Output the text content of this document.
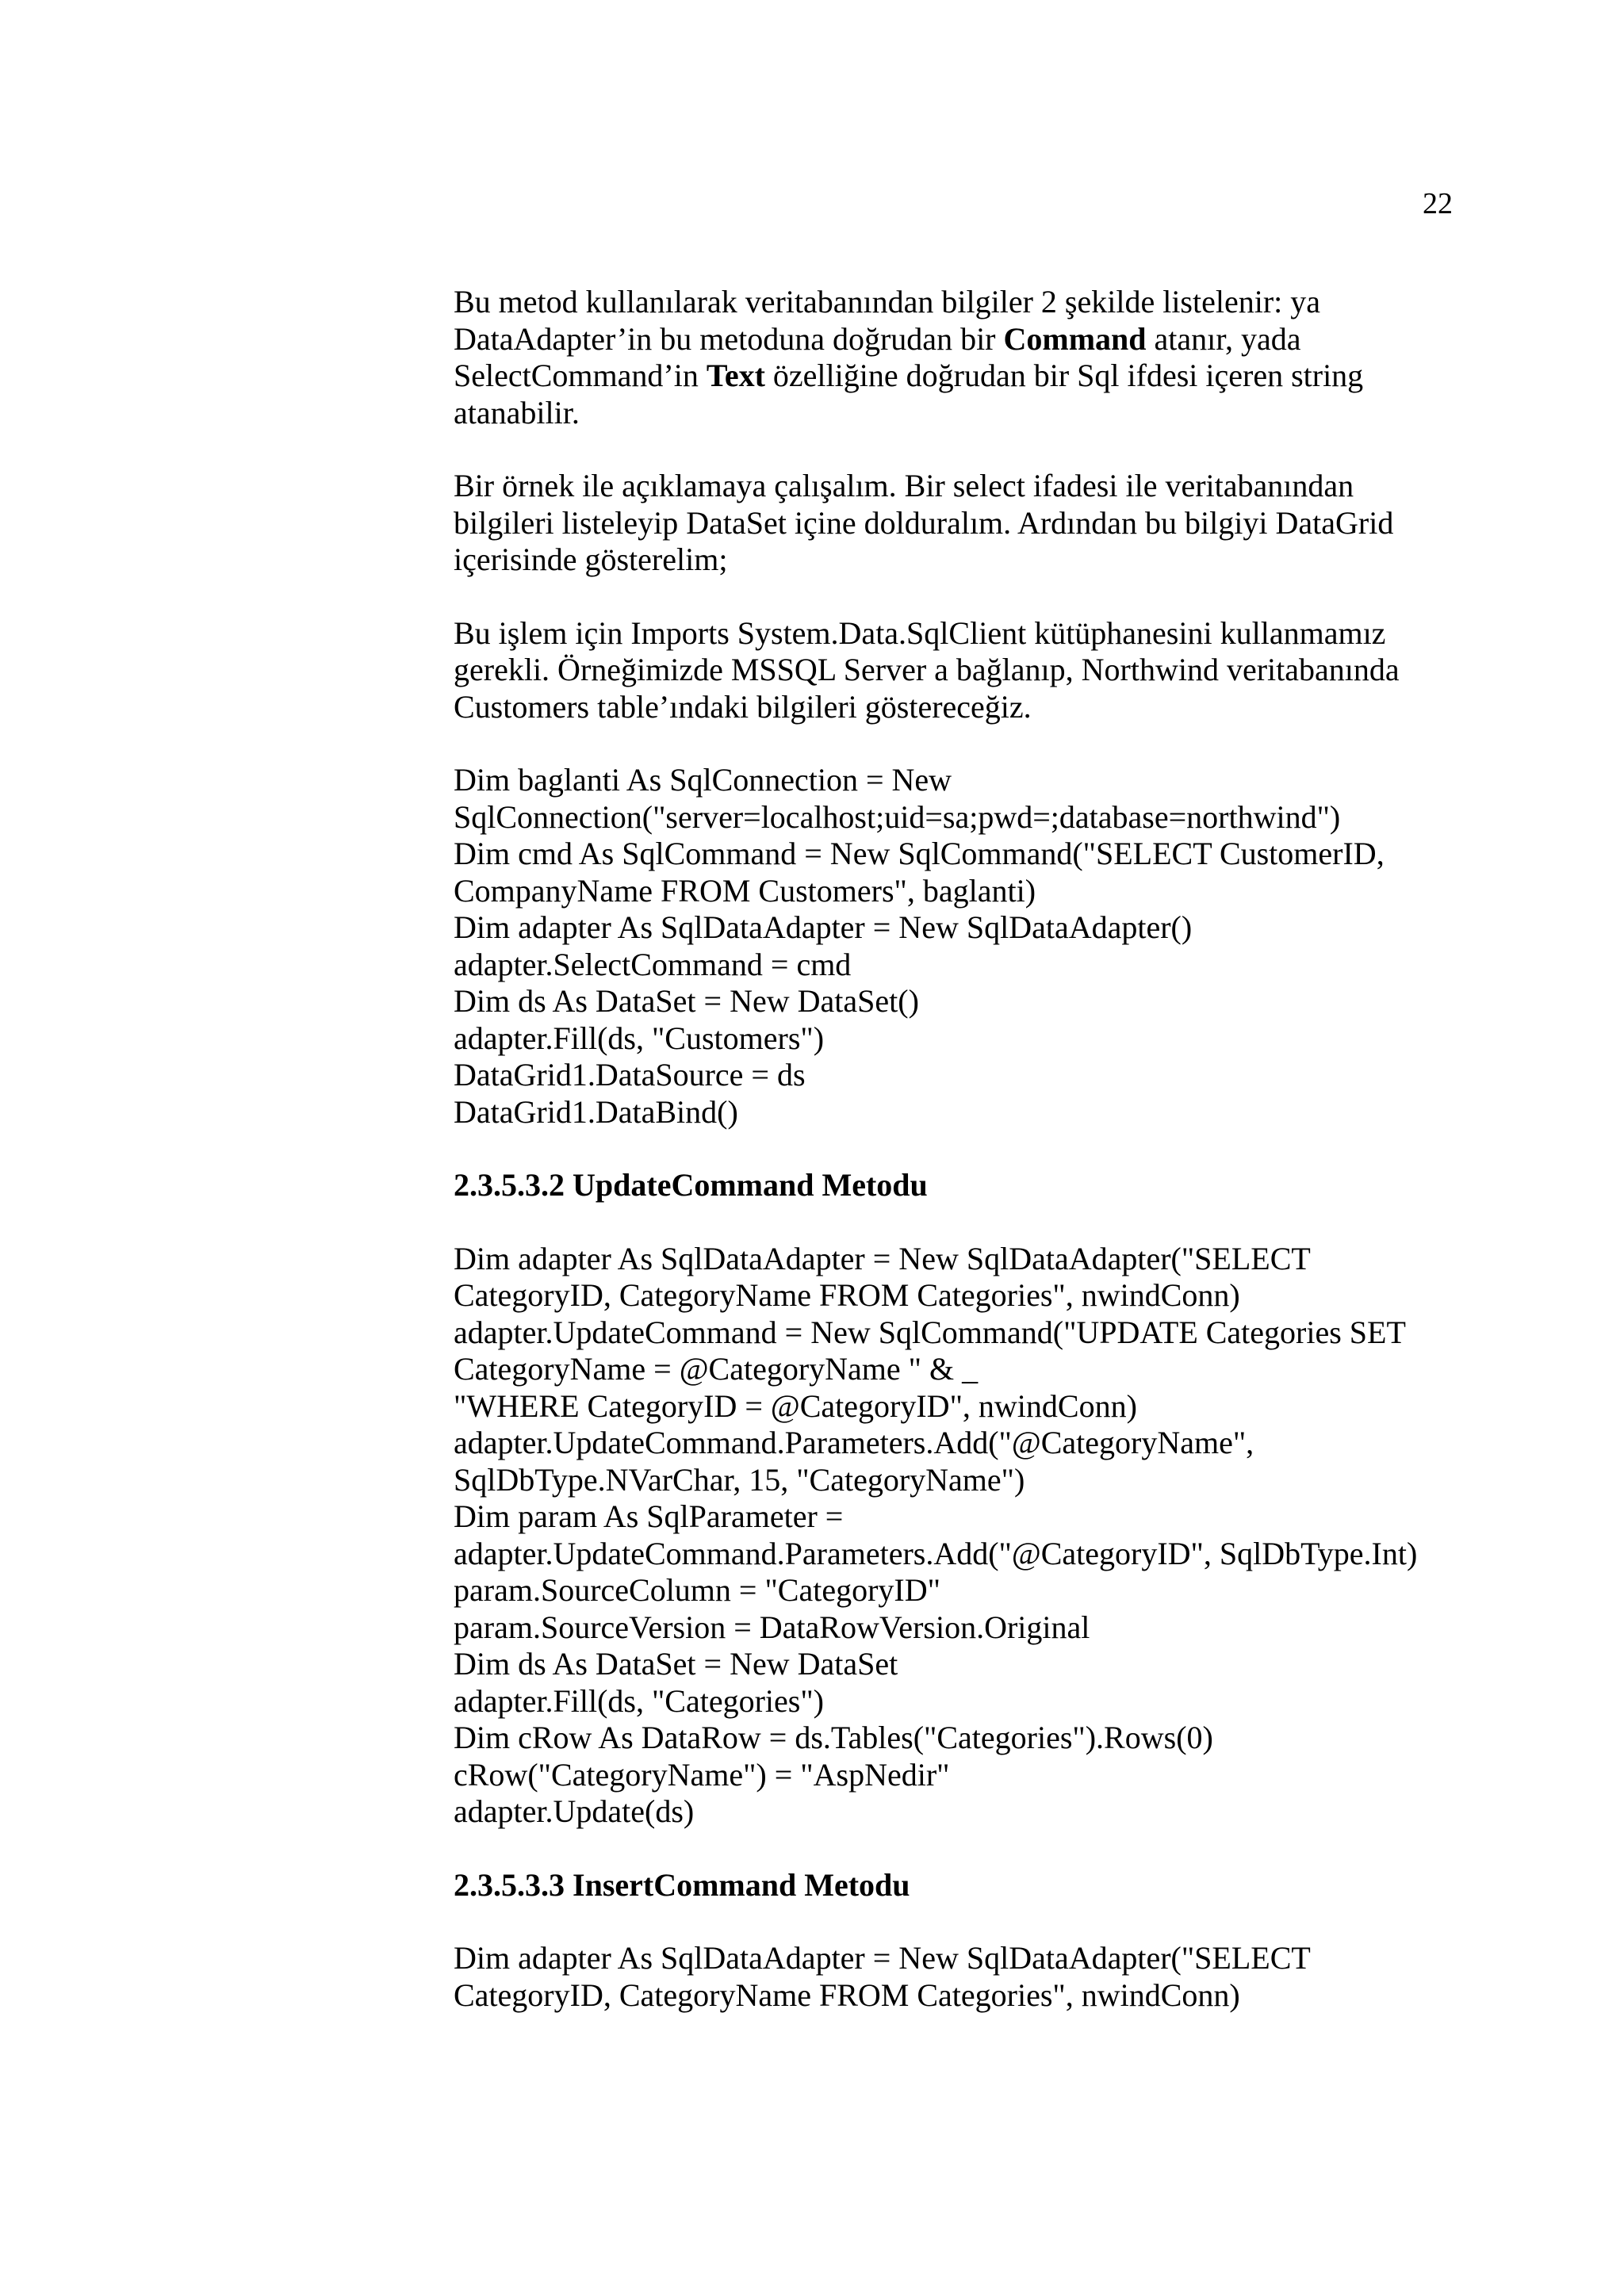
22
Bu metod kullanılarak veritabanından bilgiler 2 şekilde listelenir: ya
DataAdapter’in bu metoduna doğrudan bir Command atanır, yada
SelectCommand’in Text özelliğine doğrudan bir Sql ifdesi içeren string
atanabilir.
Bir örnek ile açıklamaya çalışalım. Bir select ifadesi ile veritabanından
bilgileri listeleyip DataSet içine dolduralım. Ardından bu bilgiyi DataGrid
içerisinde gösterelim;
Bu işlem için Imports System.Data.SqlClient kütüphanesini kullanmamız
gerekli. Örneğimizde MSSQL Server a bağlanıp, Northwind veritabanında
Customers table’ındaki bilgileri göstereceğiz.
Dim baglanti As SqlConnection = New
SqlConnection("server=localhost;uid=sa;pwd=;database=northwind")
Dim cmd As SqlCommand = New SqlCommand("SELECT CustomerID,
CompanyName FROM Customers", baglanti)
Dim adapter As SqlDataAdapter = New SqlDataAdapter()
adapter.SelectCommand = cmd
Dim ds As DataSet = New DataSet()
adapter.Fill(ds, "Customers")
DataGrid1.DataSource = ds
DataGrid1.DataBind()
2.3.5.3.2 UpdateCommand Metodu
Dim adapter As SqlDataAdapter = New SqlDataAdapter("SELECT
CategoryID, CategoryName FROM Categories", nwindConn)
adapter.UpdateCommand = New SqlCommand("UPDATE Categories SET
CategoryName = @CategoryName " & _
"WHERE CategoryID = @CategoryID", nwindConn)
adapter.UpdateCommand.Parameters.Add("@CategoryName",
SqlDbType.NVarChar, 15, "CategoryName")
Dim param As SqlParameter =
adapter.UpdateCommand.Parameters.Add("@CategoryID", SqlDbType.Int)
param.SourceColumn = "CategoryID"
param.SourceVersion = DataRowVersion.Original
Dim ds As DataSet = New DataSet
adapter.Fill(ds, "Categories")
Dim cRow As DataRow = ds.Tables("Categories").Rows(0)
cRow("CategoryName") = "AspNedir"
adapter.Update(ds)
2.3.5.3.3 InsertCommand Metodu
Dim adapter As SqlDataAdapter = New SqlDataAdapter("SELECT
CategoryID, CategoryName FROM Categories", nwindConn)
